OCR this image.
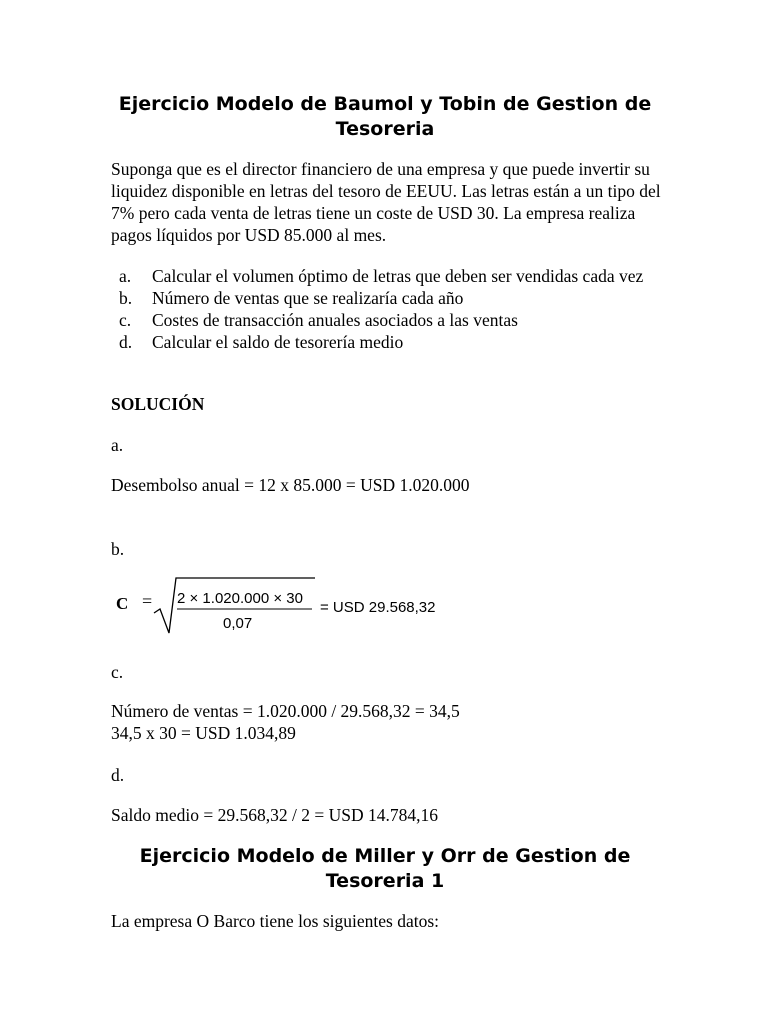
Ejercicio Modelo de Baumol y Tobin de Gestion de Tesoreria
Suponga que es el director financiero de una empresa y que puede invertir su liquidez disponible en letras del tesoro de EEUU. Las letras están a un tipo del 7% pero cada venta de letras tiene un coste de USD 30. La empresa realiza pagos líquidos por USD 85.000 al mes.
a. Calcular el volumen óptimo de letras que deben ser vendidas cada vez
b. Número de ventas que se realizaría cada año
c. Costes de transacción anuales asociados a las ventas
d. Calcular el saldo de tesorería medio
SOLUCIÓN
a.
Desembolso anual = 12 x 85.000 = USD 1.020.000
b.
C = 2 × 1.020.000 × 30
0,07
= USD 29.568,32
c.
Número de ventas = 1.020.000 / 29.568,32 = 34,5
34,5 x 30 = USD 1.034,89
d.
Saldo medio = 29.568,32 / 2 = USD 14.784,16
Ejercicio Modelo de Miller y Orr de Gestion de Tesoreria 1
La empresa O Barco tiene los siguientes datos:
